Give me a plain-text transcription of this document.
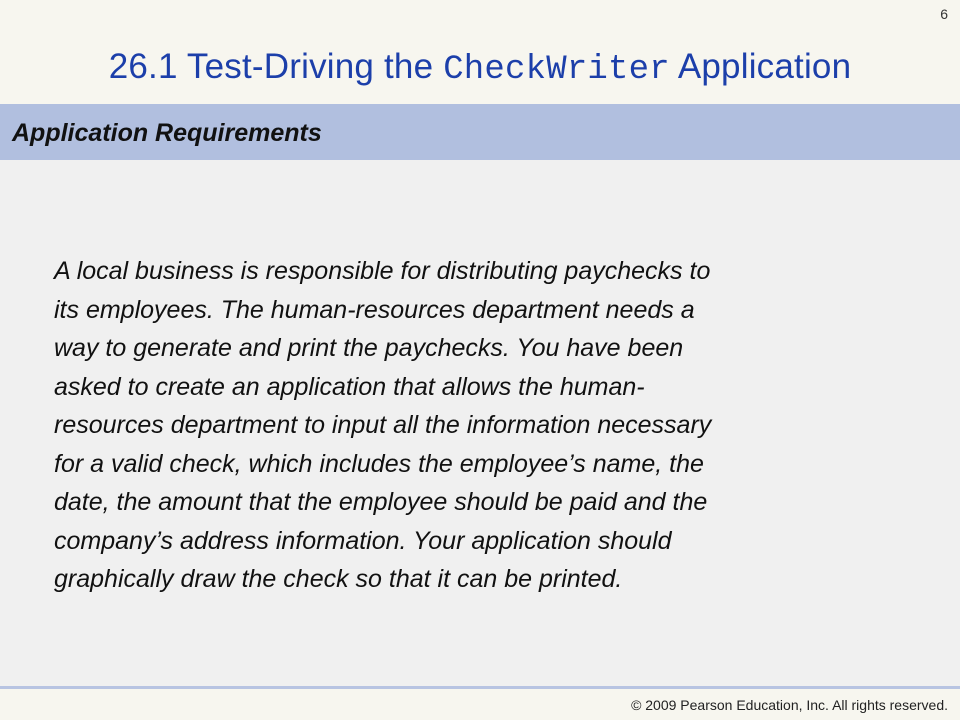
6
26.1 Test-Driving the CheckWriter Application
Application Requirements
A local business is responsible for distributing paychecks to
its employees. The human-resources department needs a
way to generate and print the paychecks. You have been
asked to create an application that allows the human-
resources department to input all the information necessary
for a valid check, which includes the employee’s name, the
date, the amount that the employee should be paid and the
company’s address information. Your application should
graphically draw the check so that it can be printed.
© 2009 Pearson Education, Inc. All rights reserved.
